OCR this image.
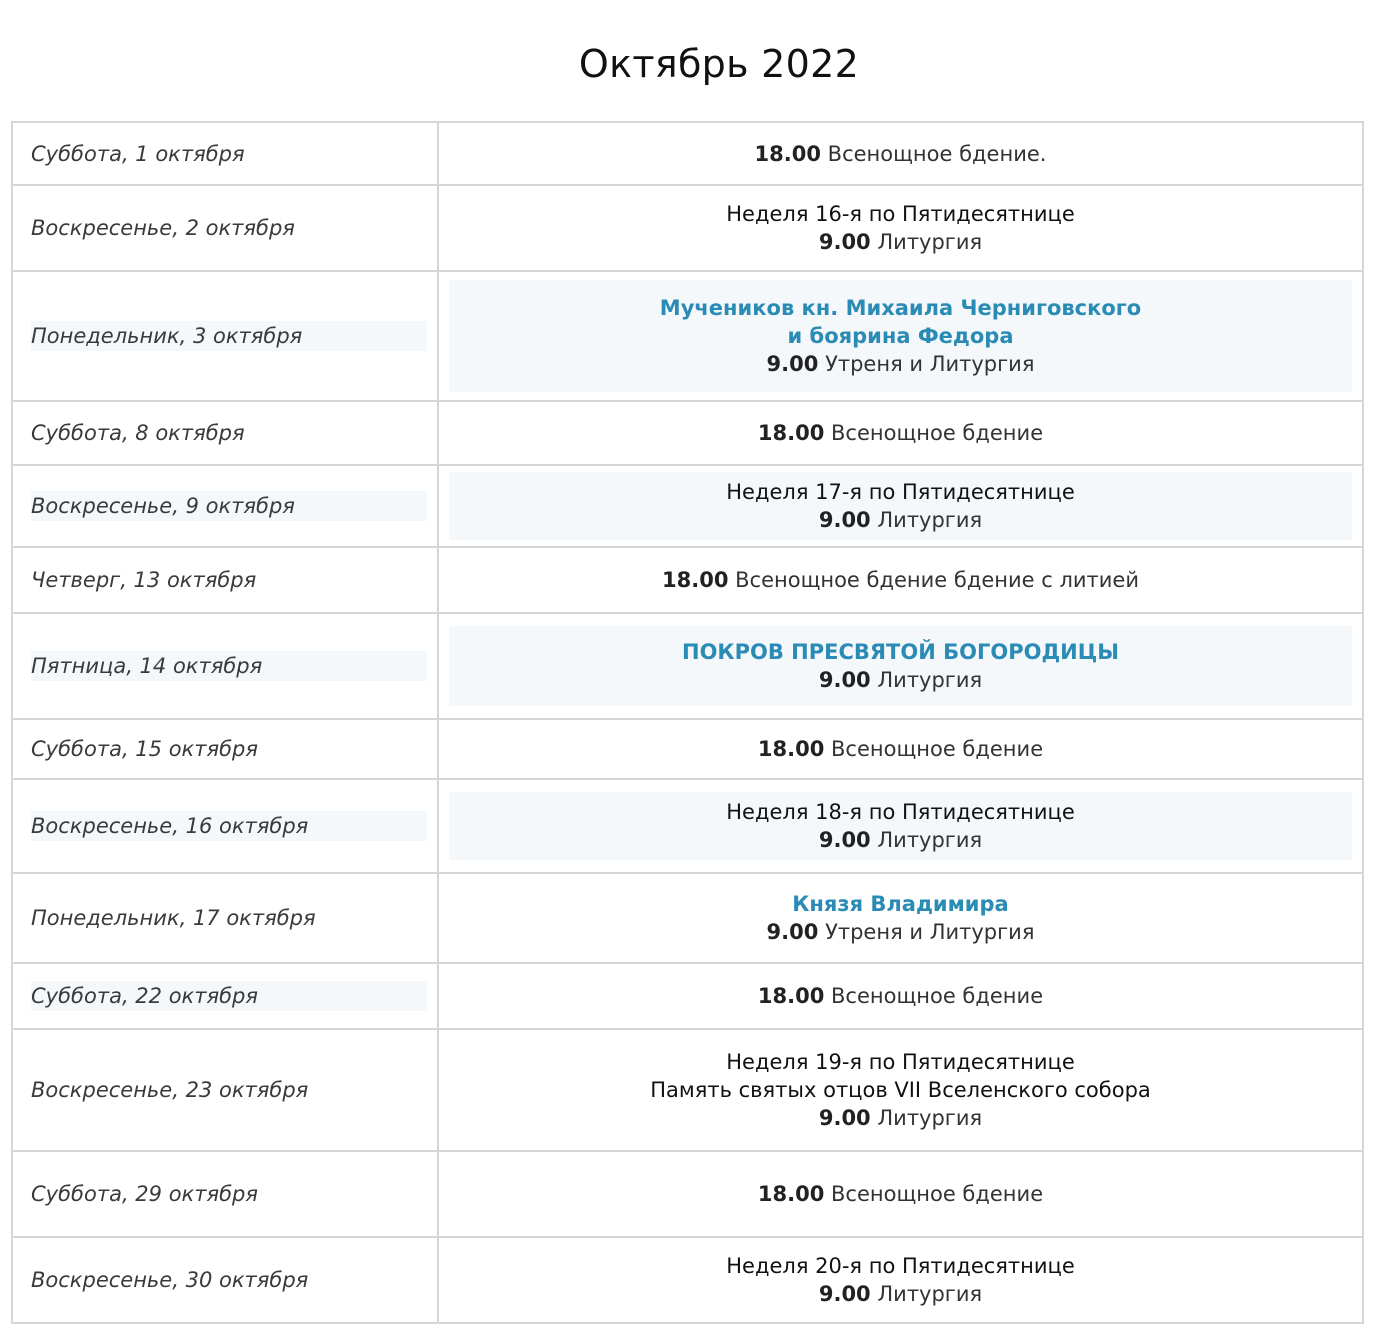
Октябрь 2022
Суббота, 1 октября	18.00 Всенощное бдение.

Воскресенье, 2 октября	Неделя 16-я по Пятидесятнице
9.00 Литургия

Понедельник, 3 октября	Мучеников кн. Михаила Черниговского
и боярина Федора
9.00 Утреня и Литургия

Суббота, 8 октября	18.00 Всенощное бдение

Воскресенье, 9 октября	Неделя 17-я по Пятидесятнице
9.00 Литургия

Четверг, 13 октября	18.00 Всенощное бдение бдение с литией

Пятница, 14 октября	ПОКРОВ ПРЕСВЯТОЙ БОГОРОДИЦЫ
9.00 Литургия

Суббота, 15 октября	18.00 Всенощное бдение

Воскресенье, 16 октября	Неделя 18-я по Пятидесятнице
9.00 Литургия

Понедельник, 17 октября	Князя Владимира
9.00 Утреня и Литургия

Суббота, 22 октября	18.00 Всенощное бдение

Воскресенье, 23 октября	Неделя 19-я по Пятидесятнице
Память святых отцов VII Вселенского собора
9.00 Литургия

Суббота, 29 октября	18.00 Всенощное бдение

Воскресенье, 30 октября	Неделя 20-я по Пятидесятнице
9.00 Литургия
